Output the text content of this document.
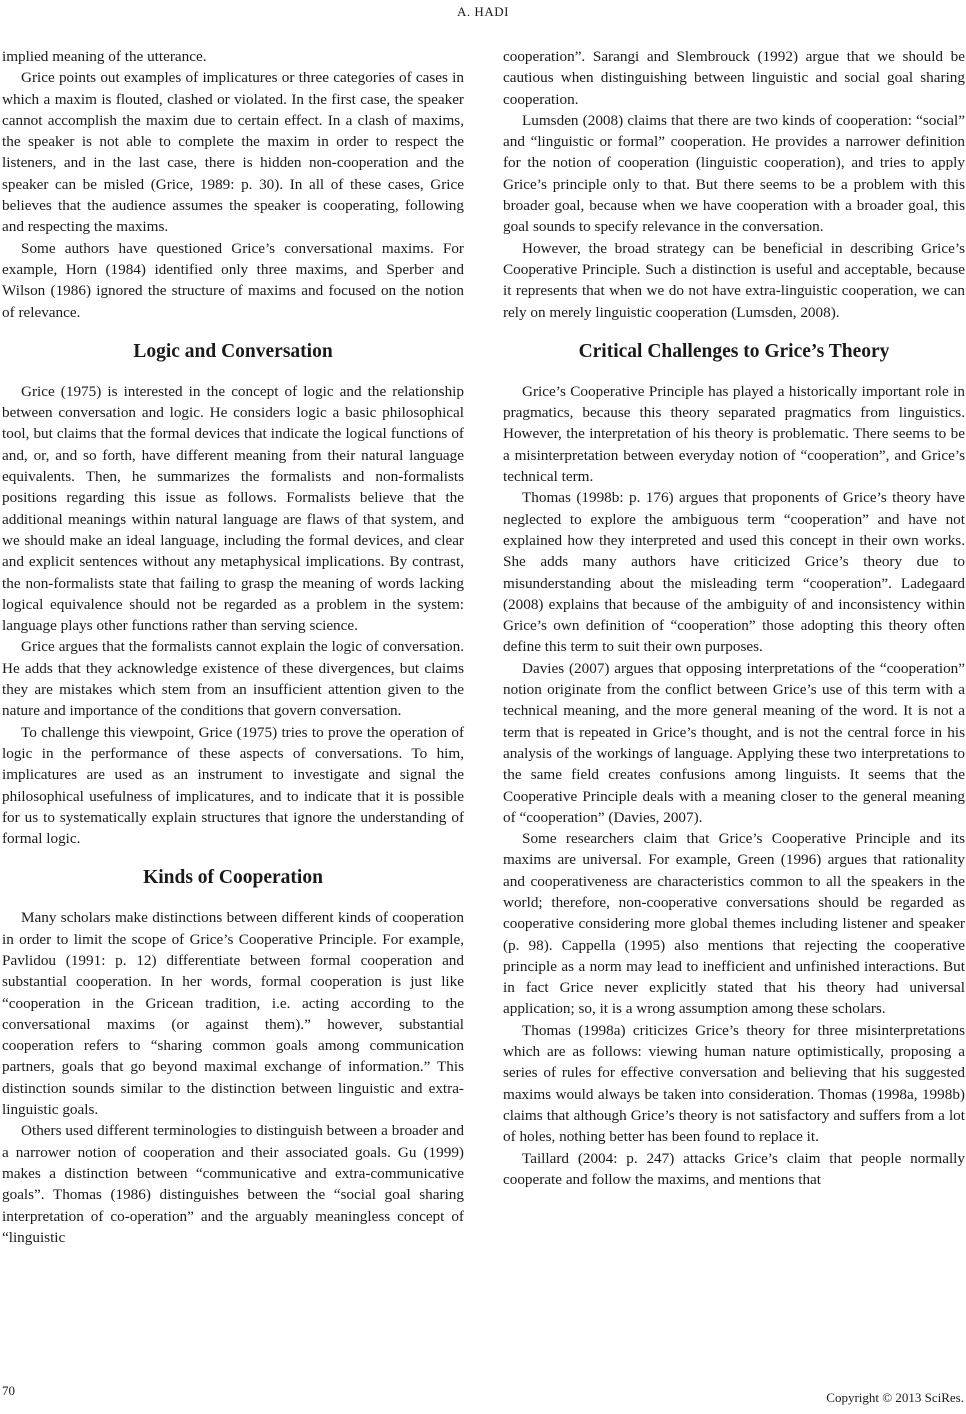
A. HADI

implied meaning of the utterance.

Grice points out examples of implicatures or three categories of cases in which a maxim is flouted, clashed or violated. In the first case, the speaker cannot accomplish the maxim due to certain effect. In a clash of maxims, the speaker is not able to complete the maxim in order to respect the listeners, and in the last case, there is hidden non-cooperation and the speaker can be misled (Grice, 1989: p. 30). In all of these cases, Grice believes that the audience assumes the speaker is cooperating, following and respecting the maxims.

Some authors have questioned Grice’s conversational maxims. For example, Horn (1984) identified only three maxims, and Sperber and Wilson (1986) ignored the structure of maxims and focused on the notion of relevance.

Logic and Conversation

Grice (1975) is interested in the concept of logic and the relationship between conversation and logic. He considers logic a basic philosophical tool, but claims that the formal devices that indicate the logical functions of and, or, and so forth, have different meaning from their natural language equivalents. Then, he summarizes the formalists and non-formalists positions regarding this issue as follows. Formalists believe that the additional meanings within natural language are flaws of that system, and we should make an ideal language, including the formal devices, and clear and explicit sentences without any metaphysical implications. By contrast, the non-formalists state that failing to grasp the meaning of words lacking logical equivalence should not be regarded as a problem in the system: language plays other functions rather than serving science.

Grice argues that the formalists cannot explain the logic of conversation. He adds that they acknowledge existence of these divergences, but claims they are mistakes which stem from an insufficient attention given to the nature and importance of the conditions that govern conversation.

To challenge this viewpoint, Grice (1975) tries to prove the operation of logic in the performance of these aspects of conversations. To him, implicatures are used as an instrument to investigate and signal the philosophical usefulness of implicatures, and to indicate that it is possible for us to systematically explain structures that ignore the understanding of formal logic.

Kinds of Cooperation

Many scholars make distinctions between different kinds of cooperation in order to limit the scope of Grice’s Cooperative Principle. For example, Pavlidou (1991: p. 12) differentiate between formal cooperation and substantial cooperation. In her words, formal cooperation is just like “cooperation in the Gricean tradition, i.e. acting according to the conversational maxims (or against them).” however, substantial cooperation refers to “sharing common goals among communication partners, goals that go beyond maximal exchange of information.” This distinction sounds similar to the distinction between linguistic and extra-linguistic goals.

Others used different terminologies to distinguish between a broader and a narrower notion of cooperation and their associated goals. Gu (1999) makes a distinction between “communicative and extra-communicative goals”. Thomas (1986) distinguishes between the “social goal sharing interpretation of co-operation” and the arguably meaningless concept of “linguistic

cooperation”. Sarangi and Slembrouck (1992) argue that we should be cautious when distinguishing between linguistic and social goal sharing cooperation.

Lumsden (2008) claims that there are two kinds of cooperation: “social” and “linguistic or formal” cooperation. He provides a narrower definition for the notion of cooperation (linguistic cooperation), and tries to apply Grice’s principle only to that. But there seems to be a problem with this broader goal, because when we have cooperation with a broader goal, this goal sounds to specify relevance in the conversation.

However, the broad strategy can be beneficial in describing Grice’s Cooperative Principle. Such a distinction is useful and acceptable, because it represents that when we do not have extra-linguistic cooperation, we can rely on merely linguistic cooperation (Lumsden, 2008).

Critical Challenges to Grice’s Theory

Grice’s Cooperative Principle has played a historically important role in pragmatics, because this theory separated pragmatics from linguistics. However, the interpretation of his theory is problematic. There seems to be a misinterpretation between everyday notion of “cooperation”, and Grice’s technical term.

Thomas (1998b: p. 176) argues that proponents of Grice’s theory have neglected to explore the ambiguous term “cooperation” and have not explained how they interpreted and used this concept in their own works. She adds many authors have criticized Grice’s theory due to misunderstanding about the misleading term “cooperation”. Ladegaard (2008) explains that because of the ambiguity of and inconsistency within Grice’s own definition of “cooperation” those adopting this theory often define this term to suit their own purposes.

Davies (2007) argues that opposing interpretations of the “cooperation” notion originate from the conflict between Grice’s use of this term with a technical meaning, and the more general meaning of the word. It is not a term that is repeated in Grice’s thought, and is not the central force in his analysis of the workings of language. Applying these two interpretations to the same field creates confusions among linguists. It seems that the Cooperative Principle deals with a meaning closer to the general meaning of “cooperation” (Davies, 2007).

Some researchers claim that Grice’s Cooperative Principle and its maxims are universal. For example, Green (1996) argues that rationality and cooperativeness are characteristics common to all the speakers in the world; therefore, non-cooperative conversations should be regarded as cooperative considering more global themes including listener and speaker (p. 98). Cappella (1995) also mentions that rejecting the cooperative principle as a norm may lead to inefficient and unfinished interactions. But in fact Grice never explicitly stated that his theory had universal application; so, it is a wrong assumption among these scholars.

Thomas (1998a) criticizes Grice’s theory for three misinterpretations which are as follows: viewing human nature optimistically, proposing a series of rules for effective conversation and believing that his suggested maxims would always be taken into consideration. Thomas (1998a, 1998b) claims that although Grice’s theory is not satisfactory and suffers from a lot of holes, nothing better has been found to replace it.

Taillard (2004: p. 247) attacks Grice’s claim that people normally cooperate and follow the maxims, and mentions that

70	Copyright © 2013 SciRes.
